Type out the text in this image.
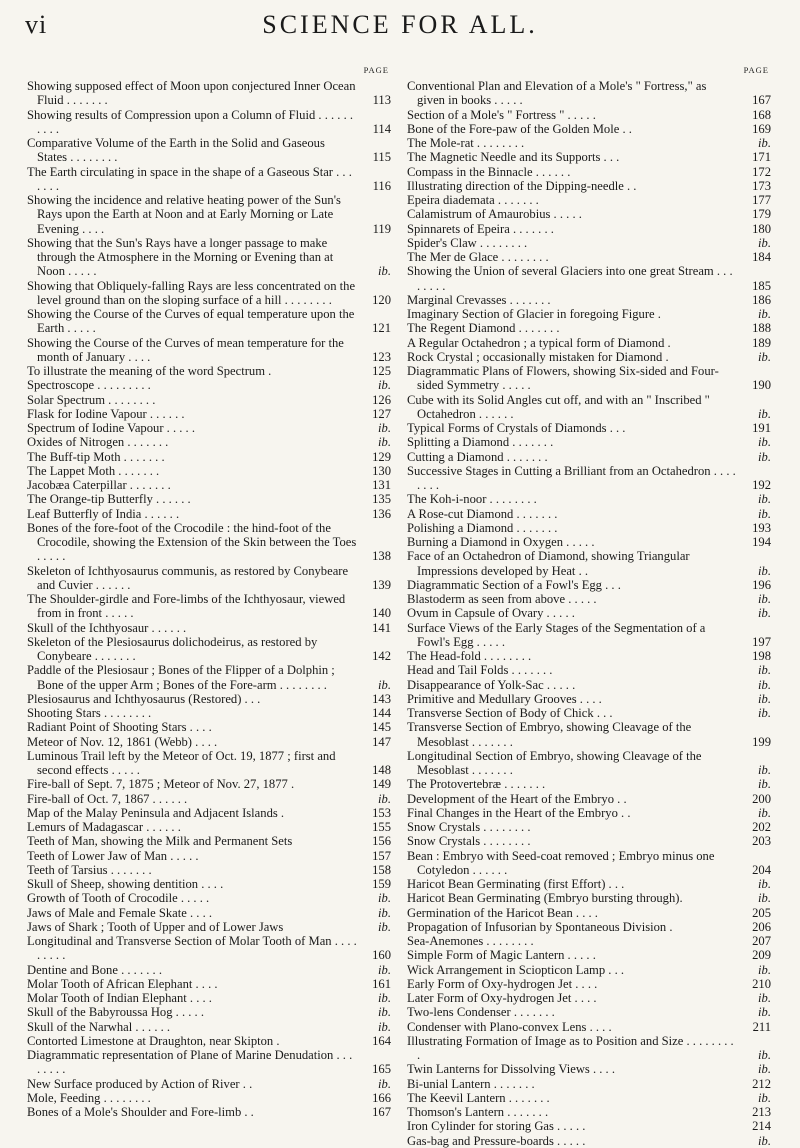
vi	SCIENCE FOR ALL.
PAGE
Showing supposed effect of Moon upon conjectured Inner Ocean Fluid . . . . . . .	113
Showing results of Compression upon a Column of Fluid . . . . . . . . . .	114
Comparative Volume of the Earth in the Solid and Gaseous States . . . . . . . .	115
The Earth circulating in space in the shape of a Gaseous Star . . . . . . .	116
Showing the incidence and relative heating power of the Sun's Rays upon the Earth at Noon and at Early Morning or Late Evening . . . .	119
Showing that the Sun's Rays have a longer passage to make through the Atmosphere in the Morning or Evening than at Noon . . . . .	ib.
Showing that Obliquely-falling Rays are less concentrated on the level ground than on the sloping surface of a hill . . . . . . . .	120
Showing the Course of the Curves of equal temperature upon the Earth . . . . .	121
Showing the Course of the Curves of mean temperature for the month of January . . . .	123
To illustrate the meaning of the word Spectrum .	125
Spectroscope . . . . . . . . .	ib.
Solar Spectrum . . . . . . . .	126
Flask for Iodine Vapour . . . . . .	127
Spectrum of Iodine Vapour . . . . .	ib.
Oxides of Nitrogen . . . . . . .	ib.
The Buff-tip Moth . . . . . . .	129
The Lappet Moth . . . . . . .	130
Jacobæa Caterpillar . . . . . . .	131
The Orange-tip Butterfly . . . . . .	135
Leaf Butterfly of India . . . . . .	136
Bones of the fore-foot of the Crocodile : the hind-foot of the Crocodile, showing the Extension of the Skin between the Toes . . . . .	138
Skeleton of Ichthyosaurus communis, as restored by Conybeare and Cuvier . . . . . .	139
The Shoulder-girdle and Fore-limbs of the Ichthyosaur, viewed from in front . . . . .	140
Skull of the Ichthyosaur . . . . . .	141
Skeleton of the Plesiosaurus dolichodeirus, as restored by Conybeare . . . . . . .	142
Paddle of the Plesiosaur ; Bones of the Flipper of a Dolphin ; Bone of the upper Arm ; Bones of the Fore-arm . . . . . . . .	ib.
Plesiosaurus and Ichthyosaurus (Restored) . . .	143
Shooting Stars . . . . . . . .	144
Radiant Point of Shooting Stars . . . .	145
Meteor of Nov. 12, 1861 (Webb) . . . .	147
Luminous Trail left by the Meteor of Oct. 19, 1877 ; first and second effects . . . . .	148
Fire-ball of Sept. 7, 1875 ; Meteor of Nov. 27, 1877 .	149
Fire-ball of Oct. 7, 1867 . . . . . .	ib.
Map of the Malay Peninsula and Adjacent Islands .	153
Lemurs of Madagascar . . . . . .	155
Teeth of Man, showing the Milk and Permanent Sets	156
Teeth of Lower Jaw of Man . . . . .	157
Teeth of Tarsius . . . . . . .	158
Skull of Sheep, showing dentition . . . .	159
Growth of Tooth of Crocodile . . . . .	ib.
Jaws of Male and Female Skate . . . .	ib.
Jaws of Shark ; Tooth of Upper and of Lower Jaws	ib.
Longitudinal and Transverse Section of Molar Tooth of Man . . . . . . . . .	160
Dentine and Bone . . . . . . .	ib.
Molar Tooth of African Elephant . . . .	161
Molar Tooth of Indian Elephant . . . .	ib.
Skull of the Babyroussa Hog . . . . .	ib.
Skull of the Narwhal . . . . . .	ib.
Contorted Limestone at Draughton, near Skipton .	164
Diagrammatic representation of Plane of Marine Denudation . . . . . . . .	165
New Surface produced by Action of River . .	ib.
Mole, Feeding . . . . . . . .	166
Bones of a Mole's Shoulder and Fore-limb . .	167
PAGE
Conventional Plan and Elevation of a Mole's " Fortress," as given in books . . . . .	167
Section of a Mole's " Fortress " . . . . .	168
Bone of the Fore-paw of the Golden Mole . .	169
The Mole-rat . . . . . . . .	ib.
The Magnetic Needle and its Supports . . .	171
Compass in the Binnacle . . . . . .	172
Illustrating direction of the Dipping-needle . .	173
Epeira diademata . . . . . . .	177
Calamistrum of Amaurobius . . . . .	179
Spinnarets of Epeira . . . . . . .	180
Spider's Claw . . . . . . . .	ib.
The Mer de Glace . . . . . . . .	184
Showing the Union of several Glaciers into one great Stream . . . . . . . .	185
Marginal Crevasses . . . . . . .	186
Imaginary Section of Glacier in foregoing Figure .	ib.
The Regent Diamond . . . . . . .	188
A Regular Octahedron ; a typical form of Diamond .	189
Rock Crystal ; occasionally mistaken for Diamond .	ib.
Diagrammatic Plans of Flowers, showing Six-sided and Four-sided Symmetry . . . . .	190
Cube with its Solid Angles cut off, and with an " Inscribed " Octahedron . . . . . .	ib.
Typical Forms of Crystals of Diamonds . . .	191
Splitting a Diamond . . . . . . .	ib.
Cutting a Diamond . . . . . . .	ib.
Successive Stages in Cutting a Brilliant from an Octahedron . . . . . . . .	192
The Koh-i-noor . . . . . . . .	ib.
A Rose-cut Diamond . . . . . . .	ib.
Polishing a Diamond . . . . . . .	193
Burning a Diamond in Oxygen . . . . .	194
Face of an Octahedron of Diamond, showing Triangular Impressions developed by Heat . .	ib.
Diagrammatic Section of a Fowl's Egg . . .	196
Blastoderm as seen from above . . . . .	ib.
Ovum in Capsule of Ovary . . . . .	ib.
Surface Views of the Early Stages of the Segmentation of a Fowl's Egg . . . . .	197
The Head-fold . . . . . . . .	198
Head and Tail Folds . . . . . . .	ib.
Disappearance of Yolk-Sac . . . . .	ib.
Primitive and Medullary Grooves . . . .	ib.
Transverse Section of Body of Chick . . .	ib.
Transverse Section of Embryo, showing Cleavage of the Mesoblast . . . . . . .	199
Longitudinal Section of Embryo, showing Cleavage of the Mesoblast . . . . . . .	ib.
The Protovertebræ . . . . . . .	ib.
Development of the Heart of the Embryo . .	200
Final Changes in the Heart of the Embryo . .	ib.
Snow Crystals . . . . . . . .	202
Snow Crystals . . . . . . . .	203
Bean : Embryo with Seed-coat removed ; Embryo minus one Cotyledon . . . . . .	204
Haricot Bean Germinating (first Effort) . . .	ib.
Haricot Bean Germinating (Embryo bursting through).	ib.
Germination of the Haricot Bean . . . .	205
Propagation of Infusorian by Spontaneous Division .	206
Sea-Anemones . . . . . . . .	207
Simple Form of Magic Lantern . . . . .	209
Wick Arrangement in Sciopticon Lamp . . .	ib.
Early Form of Oxy-hydrogen Jet . . . .	210
Later Form of Oxy-hydrogen Jet . . . .	ib.
Two-lens Condenser . . . . . . .	ib.
Condenser with Plano-convex Lens . . . .	211
Illustrating Formation of Image as to Position and Size . . . . . . . . .	ib.
Twin Lanterns for Dissolving Views . . . .	ib.
Bi-unial Lantern . . . . . . .	212
The Keevil Lantern . . . . . . .	ib.
Thomson's Lantern . . . . . . .	213
Iron Cylinder for storing Gas . . . . .	214
Gas-bag and Pressure-boards . . . . .	ib.
